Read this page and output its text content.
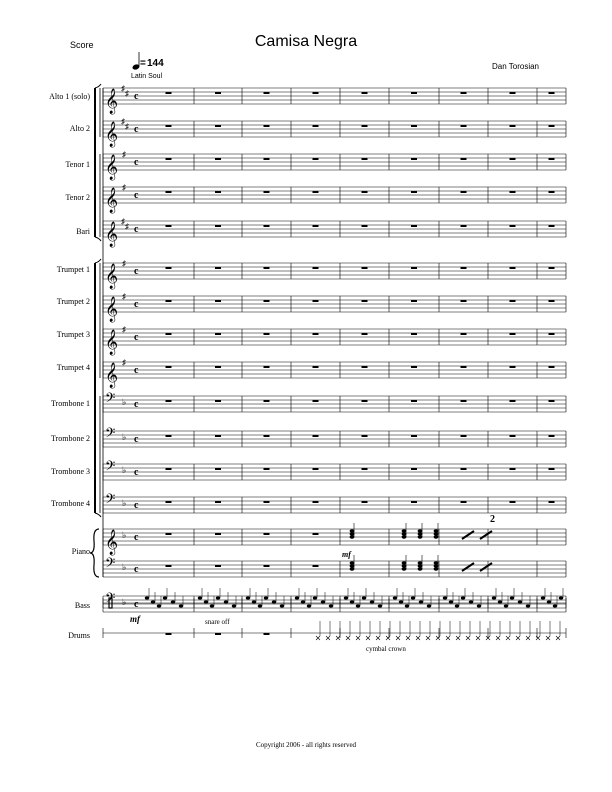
Score	Camisa Negra
Dan Torosian
= 144
Latin Soul
Alto 1 (solo)
Alto 2
Tenor 1
Tenor 2
Bari
Trumpet 1
Trumpet 2
Trumpet 3
Trumpet 4
Trombone 1
Trombone 2
Trombone 3
Trombone 4
Piano
Bass
Drums
𝄞 ♯
♯ c
𝄞 ♯
♯ c
𝄞 ♯
c
𝄞 ♯
c
𝄞 ♯
♯ c
𝄞 ♯
c
𝄞 ♯
c
𝄞 ♯
c
𝄞 ♯
c
𝄢 ♭ c
𝄢 ♭ c
𝄢 ♭ c
𝄢 ♭ c
𝄞 ♭ c
𝄢 ♭ c
𝄢 ♭ c
2
mf
mf	snare off
cymbal crown
Copyright 2006 - all rights reserved
